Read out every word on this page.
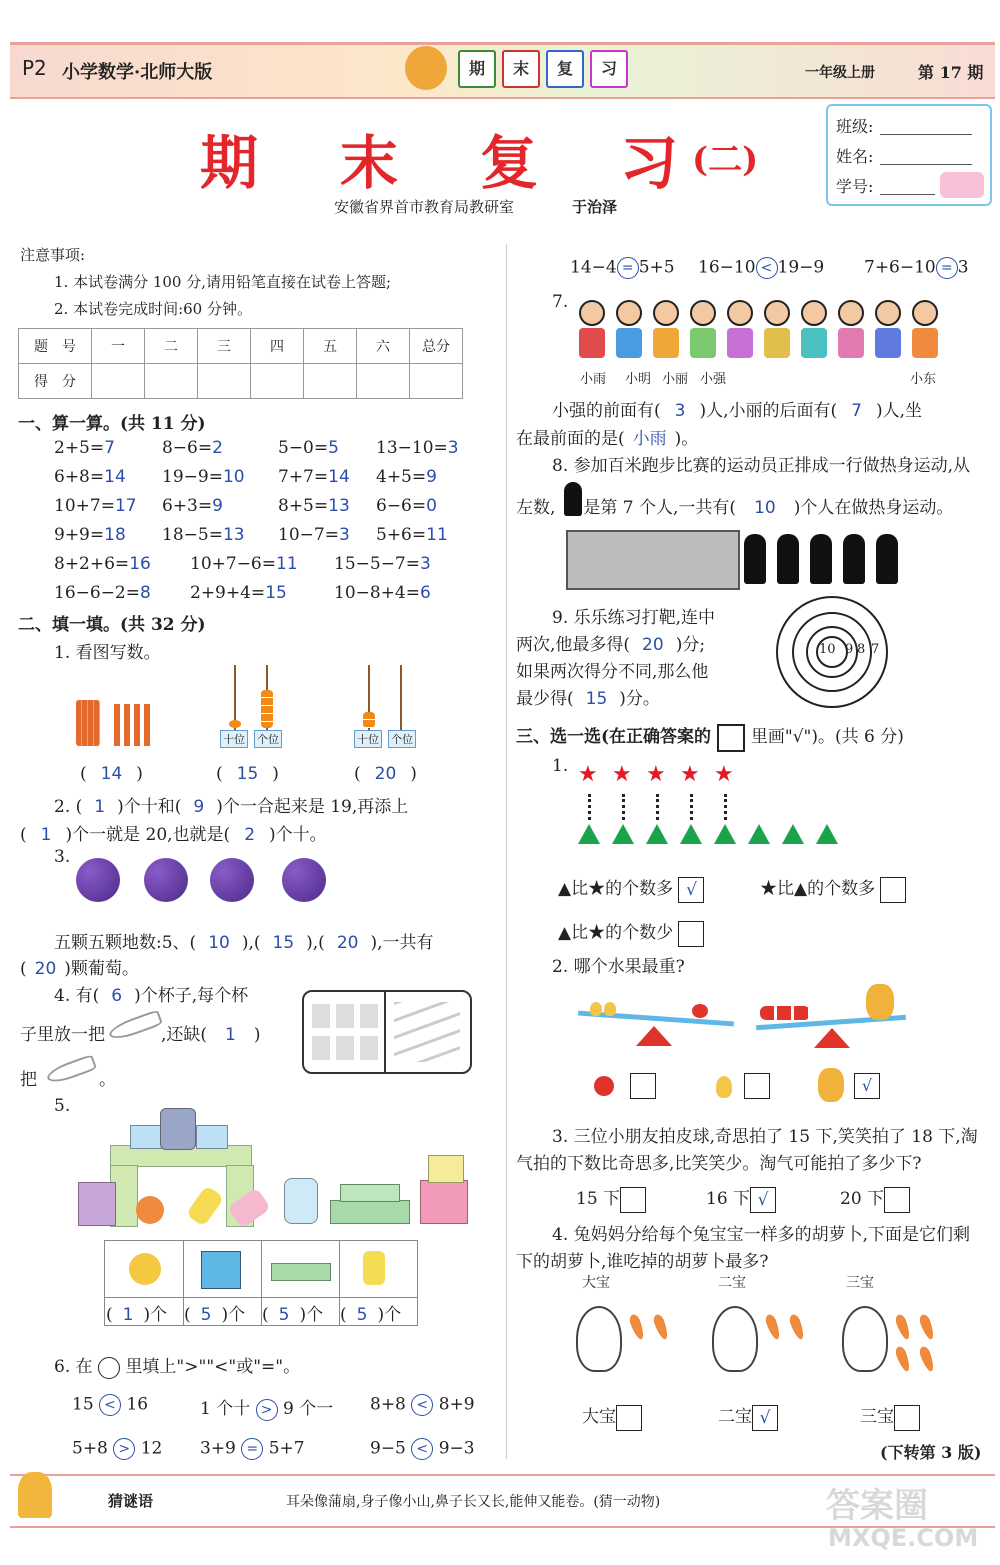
P2 小学数学·北师大版	期	末	复	习	一年级上册	第 17 期
期 末 复 习 (二)
安徽省界首市教育局教研室	于治泽
班级:
姓名:
学号:
注意事项:
1. 本试卷满分 100 分,请用铅笔直接在试卷上答题;
2. 本试卷完成时间:60 分钟。
题　号	一	二	三	四	五	六	总分
得　分							
一、算一算。(共 11 分)
2+5=7	8−6=2	5−0=5 13−10=3
6+8=14 19−9=10 7+7=14 4+5=9
10+7=17 6+3=9	8+5=13 6−6=0
9+9=18 18−5=13 10−7=3 5+6=11
8+2+6=16 10+7−6=11 15−5−7=3
16−6−2=8 2+9+4=15	10−8+4=6
二、填一填。(共 32 分)
1. 看图写数。
十位 个位	十位 个位
( 14 )	( 15 )	( 20 )
2. ( 1 )个十和( 9 )个一合起来是 19,再添上
( 1 )个一就是 20,也就是( 2 )个十。
3.
五颗五颗地数:5、( 10 ),( 15 ),( 20 ),一共有
( 20 )颗葡萄。
4. 有( 6 )个杯子,每个杯
子里放一把	,还缺( 1 )
把	。
5.
( 1 )个 ( 5 )个 ( 5 )个 ( 5 )个
6. 在 里填上">""<"或"="。
15 < 16	1 个十 > 9 个一 8+8 < 8+9
5+8 > 12 3+9 = 5+7	9−5 < 9−3
14−4 = 5+5 16−10 < 19−9 7+6−10 = 3
7.
小雨 小明 小丽 小强	小东
小强的前面有( 3 )人,小丽的后面有( 7 )人,坐
在最前面的是( 小雨 )。
8. 参加百米跑步比赛的运动员正排成一行做热身运动,从
左数, 是第 7 个人,一共有( 10 )个人在做热身运动。
9. 乐乐练习打靶,连中
两次,他最多得( 20 )分;
如果两次得分不同,那么他
最少得( 15 )分。
10 9 8 7
三、选一选(在正确答案的 里画"√")。(共 6 分)
1. ★ ★ ★ ★ ★
▲比★的个数多 √	★比▲的个数多
▲比★的个数少
2. 哪个水果最重?
√
3. 三位小朋友拍皮球,奇思拍了 15 下,笑笑拍了 18 下,淘
气拍的下数比奇思多,比笑笑少。淘气可能拍了多少下?
15 下	16 下 √	20 下
4. 兔妈妈分给每个兔宝宝一样多的胡萝卜,下面是它们剩
下的胡萝卜,谁吃掉的胡萝卜最多?
大宝	二宝	三宝
大宝	二宝 √	三宝
(下转第 3 版)
猜谜语	耳朵像蒲扇,身子像小山,鼻子长又长,能伸又能卷。(猜一动物)	答案圈
MXQE.COM
